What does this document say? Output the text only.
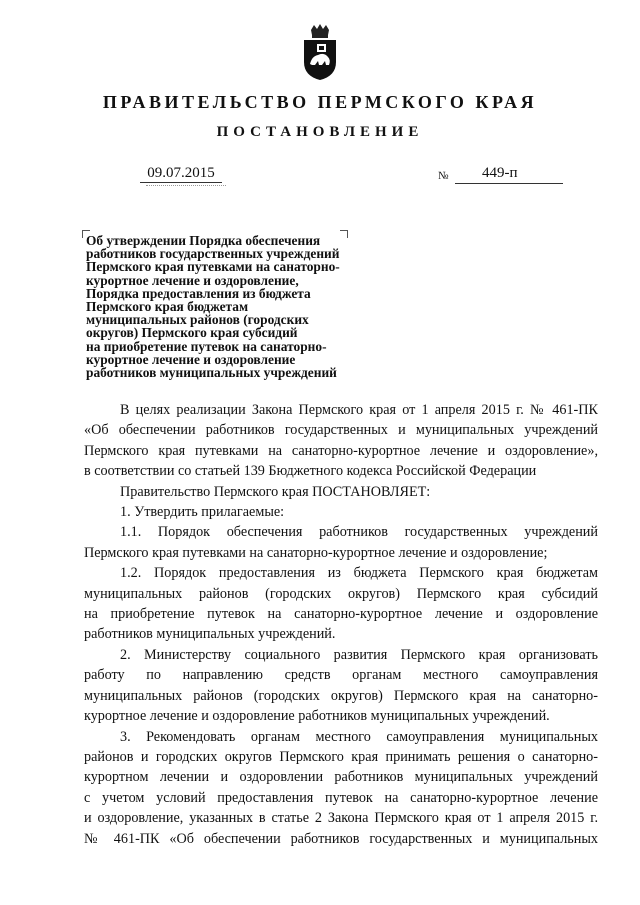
ПРАВИТЕЛЬСТВО ПЕРМСКОГО КРАЯ
ПОСТАНОВЛЕНИЕ
09.07.2015	№ 449-п
Об утверждении Порядка обеспечения
работников государственных учреждений
Пермского края путевками на санаторно-
курортное лечение и оздоровление,
Порядка предоставления из бюджета
Пермского края бюджетам
муниципальных районов (городских
округов) Пермского края субсидий
на приобретение путевок на санаторно-
курортное лечение и оздоровление
работников муниципальных учреждений
В целях реализации Закона Пермского края от 1 апреля 2015 г. № 461-ПК
«Об обеспечении работников государственных и муниципальных учреждений
Пермского края путевками на санаторно-курортное лечение и оздоровление»,
в соответствии со статьей 139 Бюджетного кодекса Российской Федерации
Правительство Пермского края ПОСТАНОВЛЯЕТ:
1. Утвердить прилагаемые:
1.1. Порядок обеспечения работников государственных учреждений
Пермского края путевками на санаторно-курортное лечение и оздоровление;
1.2. Порядок предоставления из бюджета Пермского края бюджетам
муниципальных районов (городских округов) Пермского края субсидий
на приобретение путевок на санаторно-курортное лечение и оздоровление
работников муниципальных учреждений.
2. Министерству социального развития Пермского края организовать
работу по направлению средств органам местного самоуправления
муниципальных районов (городских округов) Пермского края на санаторно-
курортное лечение и оздоровление работников муниципальных учреждений.
3. Рекомендовать органам местного самоуправления муниципальных
районов и городских округов Пермского края принимать решения о санаторно-
курортном лечении и оздоровлении работников муниципальных учреждений
с учетом условий предоставления путевок на санаторно-курортное лечение
и оздоровление, указанных в статье 2 Закона Пермского края от 1 апреля 2015 г.
№ 461-ПК «Об обеспечении работников государственных и муниципальных
